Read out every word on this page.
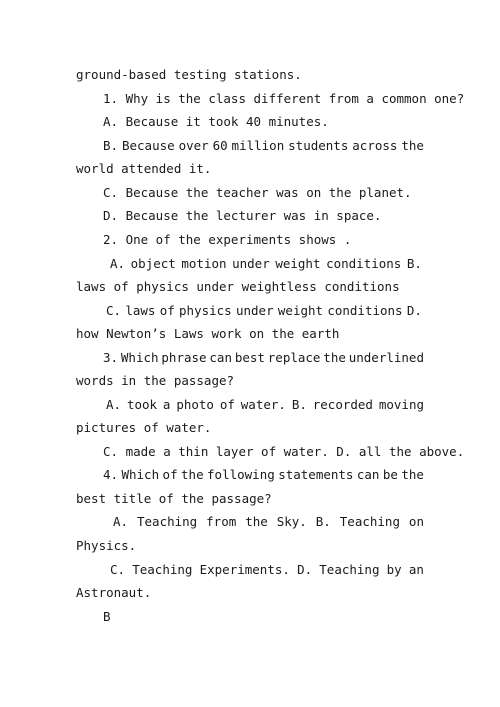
ground-based testing stations.
1. Why is the class different from a common one?
A. Because it took 40 minutes.
B. Because over 60 million students across the
world attended it.
C. Because the teacher was on the planet.
D. Because the lecturer was in space.
2. One of the experiments shows .
A. object motion under weight conditions B.
laws of physics under weightless conditions
C. laws of physics under weight conditions D.
how Newton’s Laws work on the earth
3. Which phrase can best replace the underlined
words in the passage?
A. took a photo of water. B. recorded moving
pictures of water.
C. made a thin layer of water. D. all the above.
4. Which of the following statements can be the
best title of the passage?
A. Teaching from the Sky. B. Teaching on
Physics.
C. Teaching Experiments. D. Teaching by an
Astronaut.
B
